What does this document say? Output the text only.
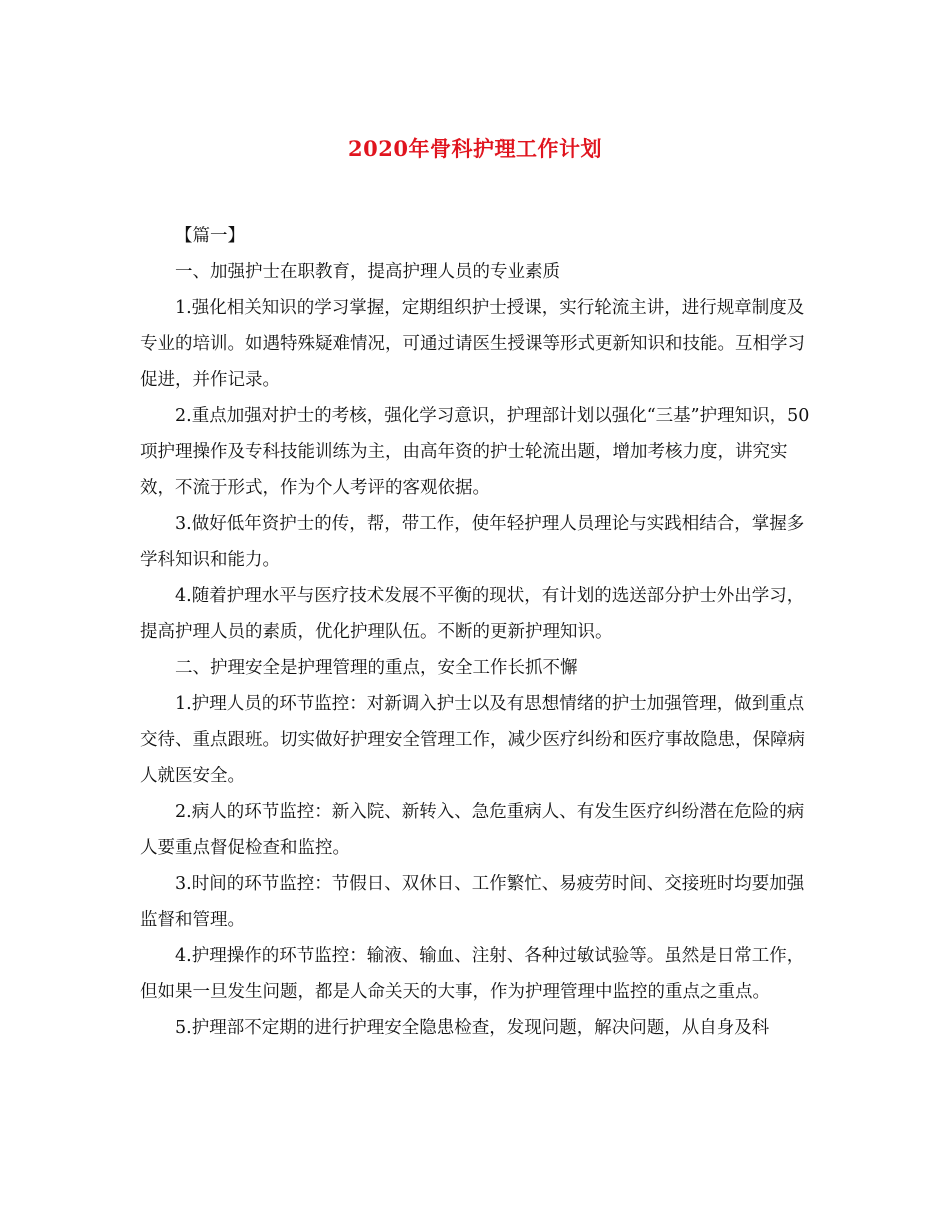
2020年骨科护理工作计划

【篇一】

一、加强护士在职教育，提高护理人员的专业素质

1.强化相关知识的学习掌握，定期组织护士授课，实行轮流主讲，进行规章制度及专业的培训。如遇特殊疑难情况，可通过请医生授课等形式更新知识和技能。互相学习促进，并作记录。

2.重点加强对护士的考核，强化学习意识，护理部计划以强化“三基”护理知识，50项护理操作及专科技能训练为主，由高年资的护士轮流出题，增加考核力度，讲究实效，不流于形式，作为个人考评的客观依据。

3.做好低年资护士的传，帮，带工作，使年轻护理人员理论与实践相结合，掌握多学科知识和能力。

4.随着护理水平与医疗技术发展不平衡的现状，有计划的选送部分护士外出学习，提高护理人员的素质，优化护理队伍。不断的更新护理知识。

二、护理安全是护理管理的重点，安全工作长抓不懈

1.护理人员的环节监控：对新调入护士以及有思想情绪的护士加强管理，做到重点交待、重点跟班。切实做好护理安全管理工作，减少医疗纠纷和医疗事故隐患，保障病人就医安全。

2.病人的环节监控：新入院、新转入、急危重病人、有发生医疗纠纷潜在危险的病人要重点督促检查和监控。

3.时间的环节监控：节假日、双休日、工作繁忙、易疲劳时间、交接班时均要加强监督和管理。

4.护理操作的环节监控：输液、输血、注射、各种过敏试验等。虽然是日常工作，但如果一旦发生问题，都是人命关天的大事，作为护理管理中监控的重点之重点。

5.护理部不定期的进行护理安全隐患检查，发现问题，解决问题，从自身及科
